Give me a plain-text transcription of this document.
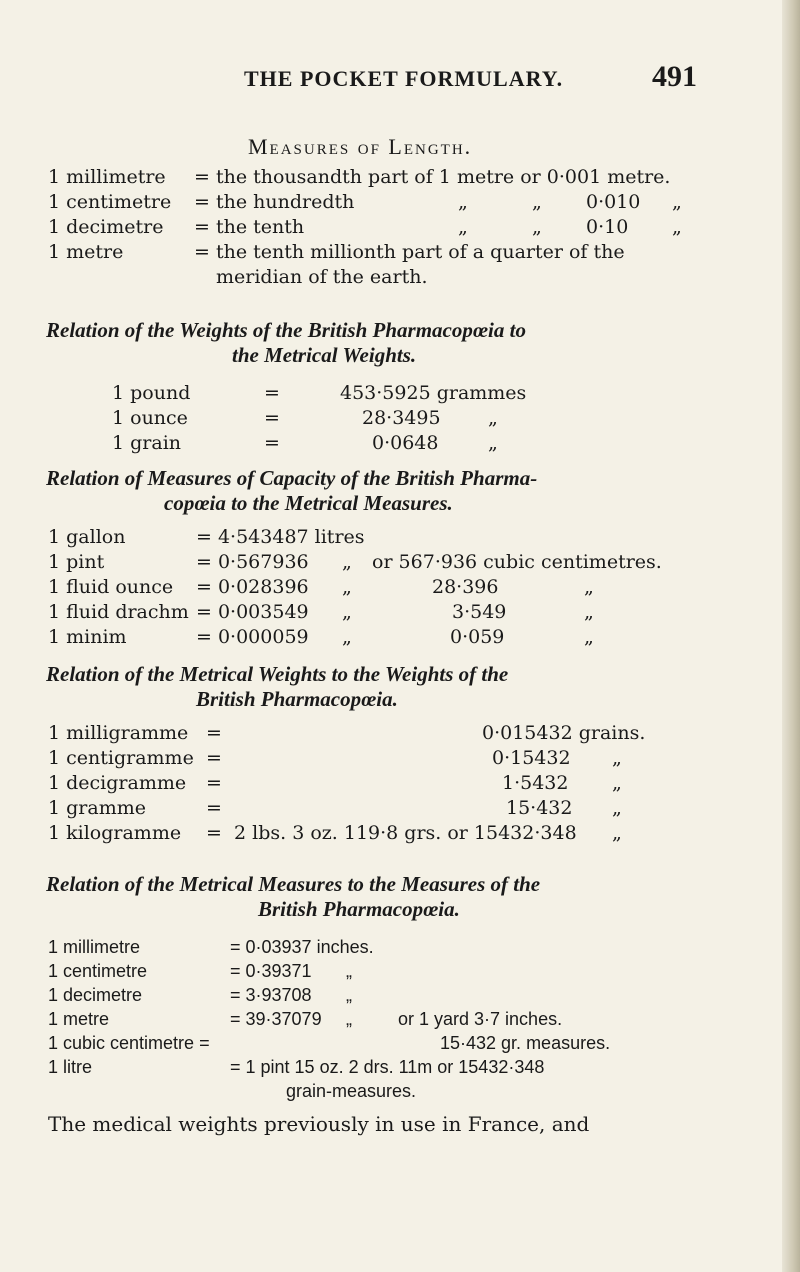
THE POCKET FORMULARY.	491
Measures of Length.
1 millimetre = the thousandth part of 1 metre or 0·001 metre.
1 centimetre = the hundredth	„	„ 0·010 „
1 decimetre = the tenth	„	„ 0·10 „
1 metre	= the tenth millionth part of a quarter of the
meridian of the earth.
Relation of the Weights of the British Pharmacopœia to
the Metrical Weights.
1 pound	=	453·5925 grammes
1 ounce	=	28·3495 „
1 grain	=	0·0648	„
Relation of Measures of Capacity of the British Pharma-
copœia to the Metrical Measures.
1 gallon	= 4·543487 litres
1 pint	= 0·567936 „ or 567·936 cubic centimetres.
1 fluid ounce = 0·028396 „	28·396	„
1 fluid drachm = 0·003549 „	3·549	„
1 minim	= 0·000059 „	0·059	„
Relation of the Metrical Weights to the Weights of the
British Pharmacopœia.
1 milligramme =	0·015432 grains.
1 centigramme =	0·15432 „
1 decigramme =	1·5432 „
1 gramme	=	15·432 „
1 kilogramme = 2 lbs. 3 oz. 119·8 grs. or 15432·348 „
Relation of the Metrical Measures to the Measures of the
British Pharmacopœia.
1 millimetre	= 0·03937 inches.
1 centimetre	= 0·39371 „
1 decimetre	= 3·93708 „
1 metre	= 39·37079 „	or 1 yard 3·7 inches.
1 cubic centimetre =	15·432 gr. measures.
1 litre	= 1 pint 15 oz. 2 drs. 11m or 15432·348
grain-measures.
The medical weights previously in use in France, and
